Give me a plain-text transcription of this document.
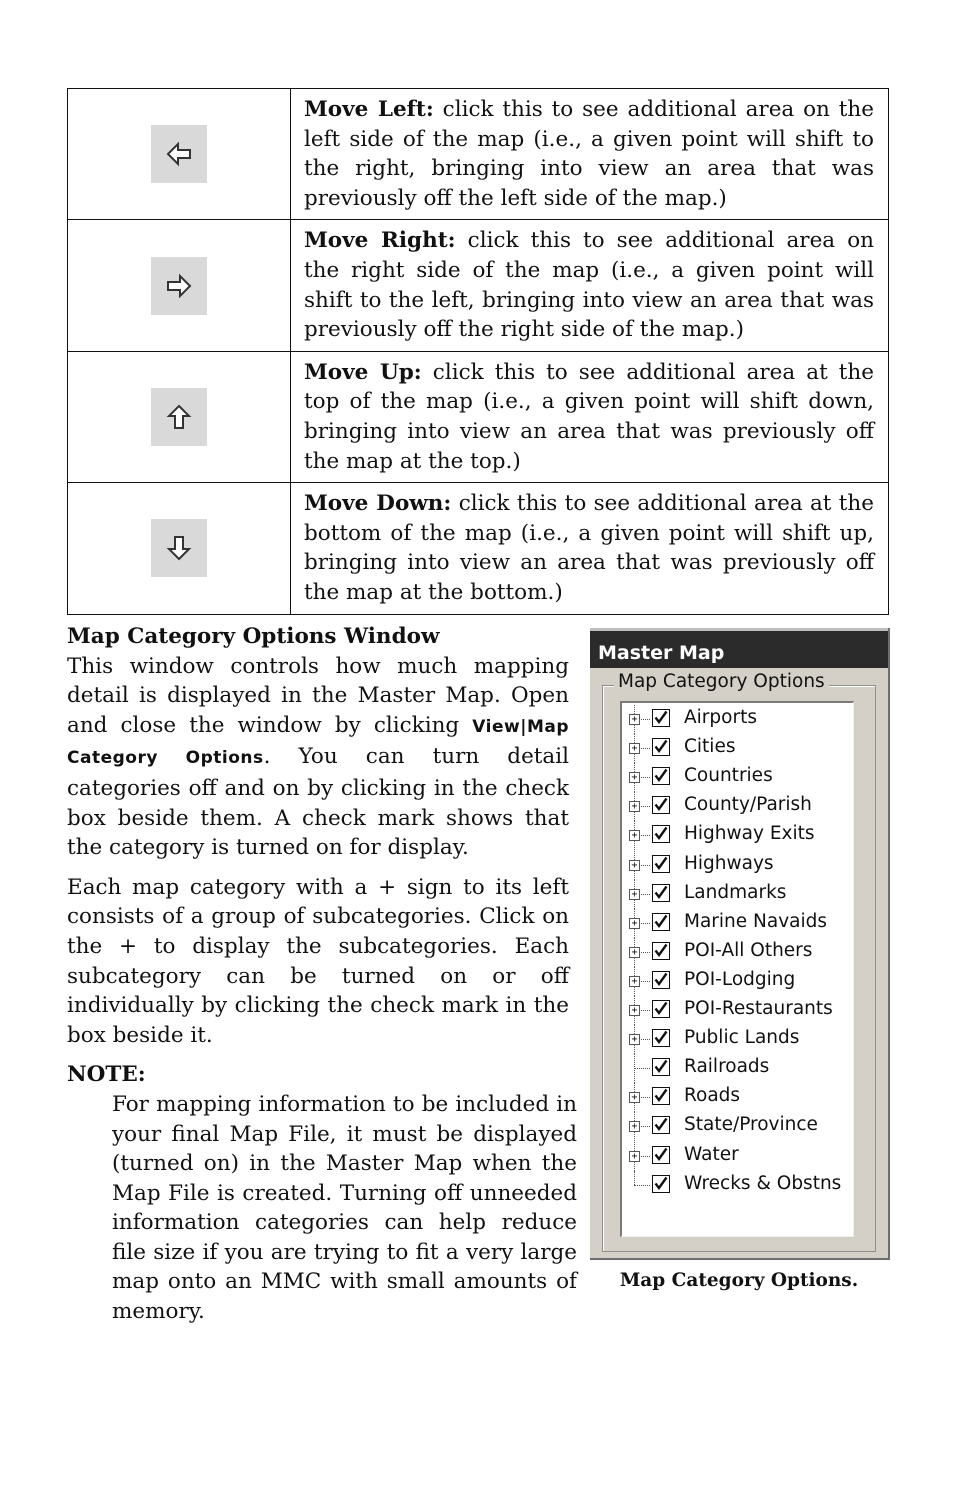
	Move Left: click this to see additional area on the left side of the map (i.e., a given point will shift to the right, bringing into view an area that was previously off the left side of the map.)

	Move Right: click this to see additional area on the right side of the map (i.e., a given point will shift to the left, bringing into view an area that was previously off the right side of the map.)

	Move Up: click this to see additional area at the top of the map (i.e., a given point will shift down, bringing into view an area that was previously off the map at the top.)

	Move Down: click this to see additional area at the bottom of the map (i.e., a given point will shift up, bringing into view an area that was previously off the map at the bottom.)

Map Category Options Window

This window controls how much mapping detail is displayed in the Master Map. Open and close the window by clicking View|Map Category Options. You can turn detail categories off and on by clicking in the check box beside them. A check mark shows that the category is turned on for display.

Each map category with a + sign to its left consists of a group of subcategories. Click on the + to display the subcategories. Each subcategory can be turned on or off individually by clicking the check mark in the box beside it.

NOTE:
For mapping information to be included in your final Map File, it must be displayed (turned on) in the Master Map when the Map File is created. Turning off unneeded information categories can help reduce file size if you are trying to fit a very large map onto an MMC with small amounts of memory.
Master Map
Map Category Options
+	Airports
+	Cities
+	Countries
+	County/Parish
+	Highway Exits
+	Highways
+	Landmarks
+	Marine Navaids
+	POI-All Others
+	POI-Lodging
+	POI-Restaurants
+	Public Lands
Railroads
+	Roads
+	State/Province
+	Water
Wrecks & Obstns
Map Category Options.
